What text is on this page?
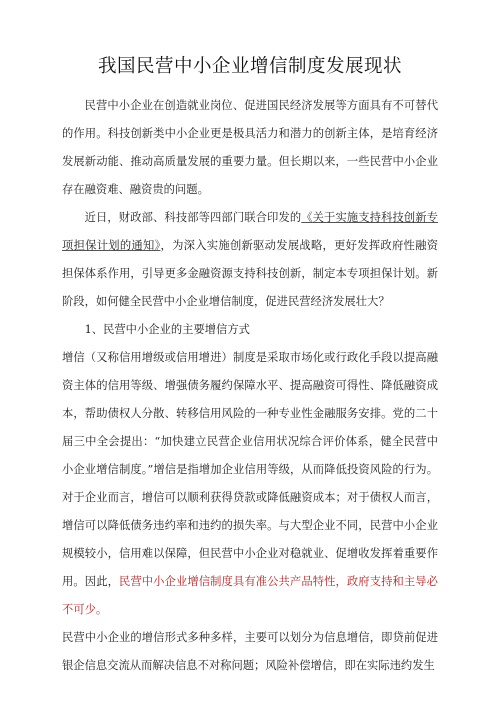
我国民营中小企业增信制度发展现状

民营中小企业在创造就业岗位、促进国民经济发展等方面具有不可替代的作用。科技创新类中小企业更是极具活力和潜力的创新主体，是培育经济发展新动能、推动高质量发展的重要力量。但长期以来，一些民营中小企业存在融资难、融资贵的问题。

近日，财政部、科技部等四部门联合印发的《关于实施支持科技创新专项担保计划的通知》，为深入实施创新驱动发展战略，更好发挥政府性融资担保体系作用，引导更多金融资源支持科技创新，制定本专项担保计划。新阶段，如何健全民营中小企业增信制度，促进民营经济发展壮大？

1、民营中小企业的主要增信方式

增信（又称信用增级或信用增进）制度是采取市场化或行政化手段以提高融资主体的信用等级、增强债务履约保障水平、提高融资可得性、降低融资成本，帮助债权人分散、转移信用风险的一种专业性金融服务安排。党的二十届三中全会提出：“加快建立民营企业信用状况综合评价体系，健全民营中小企业增信制度。”增信是指增加企业信用等级，从而降低投资风险的行为。对于企业而言，增信可以顺利获得贷款或降低融资成本；对于债权人而言，增信可以降低债务违约率和违约的损失率。与大型企业不同，民营中小企业规模较小，信用难以保障，但民营中小企业对稳就业、促增收发挥着重要作用。因此，民营中小企业增信制度具有准公共产品特性，政府支持和主导必不可少。

民营中小企业的增信形式多种多样，主要可以划分为信息增信，即贷前促进银企信息交流从而解决信息不对称问题；风险补偿增信，即在实际违约发生
